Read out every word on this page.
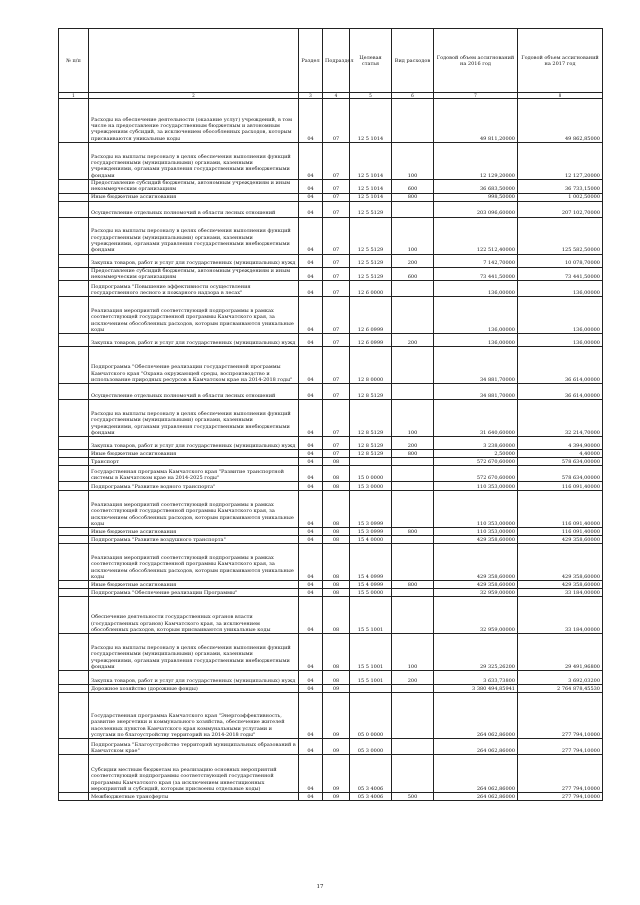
№ п/п		Раздел	Подраздел	Целевая статья	Вид расходов	Годовой объем ассигнований на 2016 год	Годовой объем ассигнований на 2017 год
1	2	3	4	5	6	7	8
	Расходы на обеспечение деятельности (оказание услуг) учреждений, в том числе на предоставление государственным бюджетным и автономным учреждениям субсидий, за исключением обособленных расходов, которым присваиваются уникальные коды	04	07	12 5 1014		49 811,20000	49 862,85000
	Расходы на выплаты персоналу в целях обеспечения выполнения функций государственными (муниципальными) органами, казенными учреждениями, органами управления государственными внебюджетными фондами	04	07	12 5 1014	100	12 129,20000	12 127,20000
	Предоставление субсидий бюджетным, автономным учреждениям и иным некоммерческим организациям	04	07	12 5 1014	600	36 683,50000	36 733,15000
	Иные бюджетные ассигнования	04	07	12 5 1014	800	998,50000	1 002,50000
	Осуществление отдельных полномочий в области лесных отношений	04	07	12 5 5129		203 096,60000	207 102,70000
	Расходы на выплаты персоналу в целях обеспечения выполнения функций государственными (муниципальными) органами, казенными учреждениями, органами управления государственными внебюджетными фондами	04	07	12 5 5129	100	122 512,40000	125 582,50000
	Закупка товаров, работ и услуг для государственных (муниципальных) нужд	04	07	12 5 5129	200	7 142,70000	10 078,70000
	Предоставление субсидий бюджетным, автономным учреждениям и иным некоммерческим организациям	04	07	12 5 5129	600	73 441,50000	73 441,50000
	Подпрограмма "Повышение эффективности осуществления государственного лесного и пожарного надзора в лесах"	04	07	12 6 0000		136,00000	136,00000
	Реализация мероприятий соответствующей подпрограммы в рамках соответствующей государственной программы Камчатского края, за исключением обособленных расходов, которым присваиваются уникальные коды	04	07	12 6 0999		136,00000	136,00000
	Закупка товаров, работ и услуг для государственных (муниципальных) нужд	04	07	12 6 0999	200	136,00000	136,00000
	Подпрограмма "Обеспечение реализации государственной программы Камчатского края "Охрана окружающей среды, воспроизводство и использование природных ресурсов в Камчатском крае на 2014-2018 годы"	04	07	12 8 0000		34 881,70000	36 614,00000
	Осуществление отдельных полномочий в области лесных отношений	04	07	12 8 5129		34 881,70000	36 614,00000
	Расходы на выплаты персоналу в целях обеспечения выполнения функций государственными (муниципальными) органами, казенными учреждениями, органами управления государственными внебюджетными фондами	04	07	12 8 5129	100	31 640,60000	32 214,70000
	Закупка товаров, работ и услуг для государственных (муниципальных) нужд	04	07	12 8 5129	200	3 238,60000	4 394,90000
	Иные бюджетные ассигнования	04	07	12 8 5129	800	2,50000	4,40000
	Транспорт	04	08			572 670,60000	578 634,00000
	Государственная программа Камчатского края "Развитие транспортной системы в Камчатском крае на 2014-2025 годы"	04	08	15 0 0000		572 670,60000	578 634,00000
	Подпрограмма "Развитие водного транспорта"	04	08	15 3 0000		110 353,00000	116 091,40000
	Реализация мероприятий соответствующей подпрограммы в рамках соответствующей государственной программы Камчатского края, за исключением обособленных расходов, которым присваиваются уникальные коды	04	08	15 3 0999		110 353,00000	116 091,40000
	Иные бюджетные ассигнования	04	08	15 3 0999	800	110 353,00000	116 091,40000
	Подпрограмма "Развитие воздушного транспорта"	04	08	15 4 0000		429 358,60000	429 358,60000
	Реализация мероприятий соответствующей подпрограммы в рамках соответствующей государственной программы Камчатского края, за исключением обособленных расходов, которым присваиваются уникальные коды	04	08	15 4 0999		429 358,60000	429 358,60000
	Иные бюджетные ассигнования	04	08	15 4 0999	800	429 358,60000	429 358,60000
	Подпрограмма "Обеспечение реализации Программы"	04	08	15 5 0000		32 959,00000	33 184,00000
	Обеспечение деятельности государственных органов власти (государственных органов) Камчатского края, за исключением обособленных расходов, которым присваиваются уникальные коды	04	08	15 5 1001		32 959,00000	33 184,00000
	Расходы на выплаты персоналу в целях обеспечения выполнения функций государственными (муниципальными) органами, казенными учреждениями, органами управления государственными внебюджетными фондами	04	08	15 5 1001	100	29 325,26200	29 491,96800
	Закупка товаров, работ и услуг для государственных (муниципальных) нужд	04	08	15 5 1001	200	3 633,73800	3 692,03200
	Дорожное хозяйство (дорожные фонды)	04	09			3 380 494,85941	2 764 878,45530
	Государственная программа Камчатского края "Энергоэффективность, развитие энергетики и коммунального хозяйства, обеспечение жителей населенных пунктов Камчатского края коммунальными услугами и услугами по благоустройству территорий на 2014-2018 годы"	04	09	05 0 0000		264 062,86000	277 794,10000
	Подпрограмма "Благоустройство территорий муниципальных образований в Камчатском крае"	04	09	05 3 0000		264 062,86000	277 794,10000
	Субсидии местным бюджетам на реализацию основных мероприятий соответствующей подпрограммы соответствующей государственной программы Камчатского края (за исключением инвестиционных мероприятий и субсидий, которым присвоены отдельные коды)	04	09	05 3 4006		264 062,86000	277 794,10000
	Межбюджетные трансферты	04	09	05 3 4006	500	264 062,86000	277 794,10000
17
